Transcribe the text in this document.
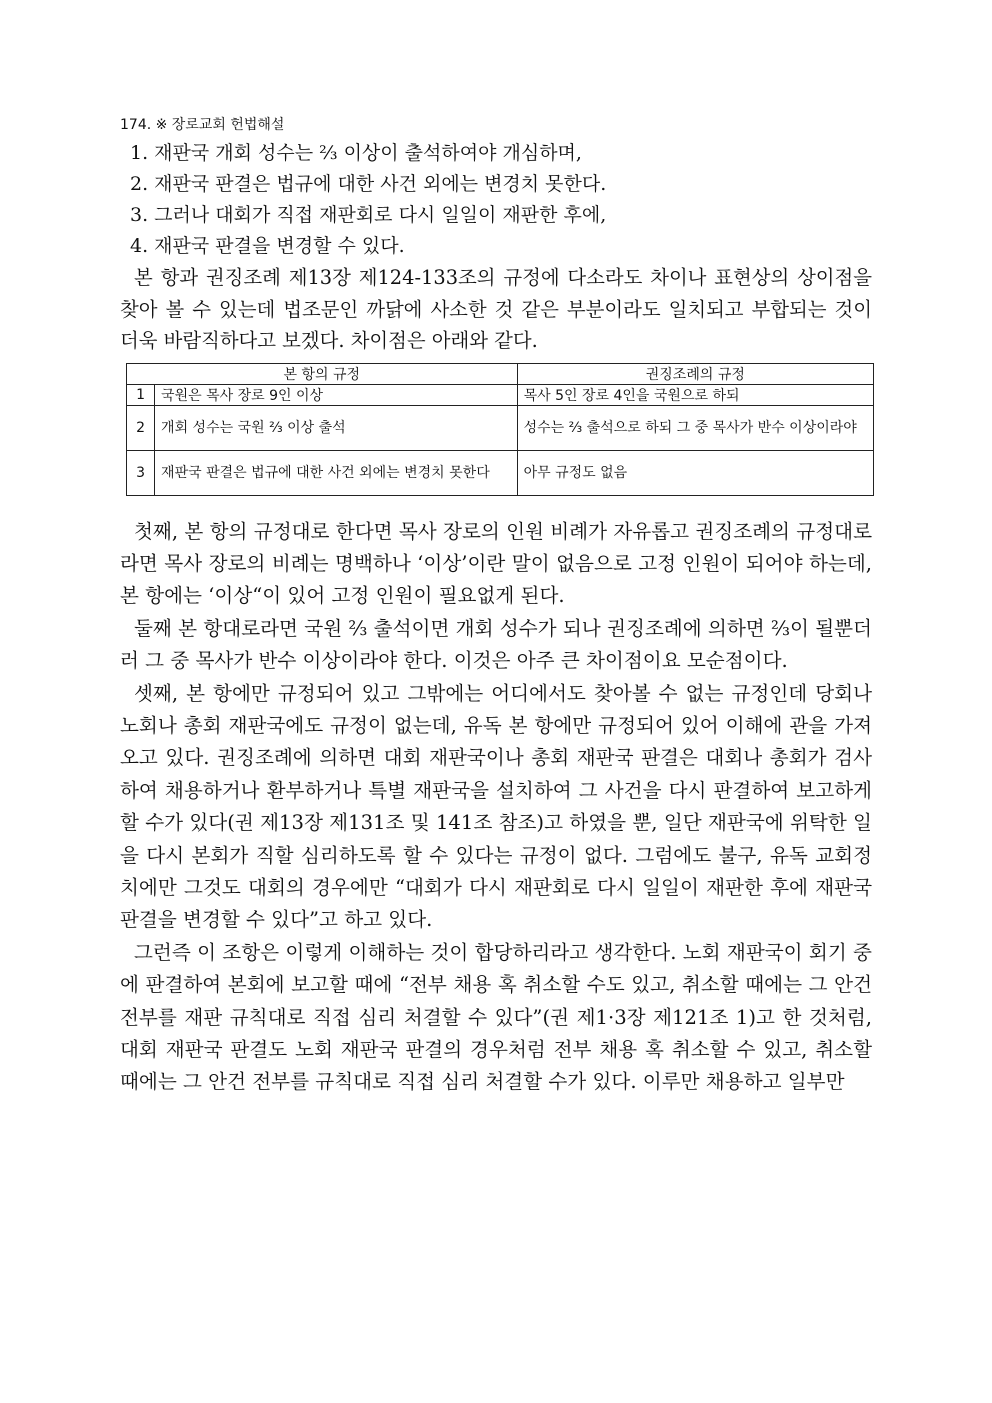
174. ※ 장로교회 헌법해설
1. 재판국 개회 성수는 ⅔ 이상이 출석하여야 개심하며,
2. 재판국 판결은 법규에 대한 사건 외에는 변경치 못한다.
3. 그러나 대회가 직접 재판회로 다시 일일이 재판한 후에,
4. 재판국 판결을 변경할 수 있다.
본 항과 권징조례 제13장 제124-133조의 규정에 다소라도 차이나 표현상의 상이점을 찾아 볼 수 있는데 법조문인 까닭에 사소한 것 같은 부분이라도 일치되고 부합되는 것이 더욱 바람직하다고 보겠다. 차이점은 아래와 같다.
본 항의 규정		권징조례의 규정
1	국원은 목사 장로 9인 이상	목사 5인 장로 4인을 국원으로 하되
2	개회 성수는 국원 ⅔ 이상 출석	성수는 ⅔ 출석으로 하되 그 중 목사가 반수 이상이라야
3	재판국 판결은 법규에 대한 사건 외에는 변경치 못한다	아무 규정도 없음
첫째, 본 항의 규정대로 한다면 목사 장로의 인원 비례가 자유롭고 권징조례의 규정대로라면 목사 장로의 비례는 명백하나 ‘이상’이란 말이 없음으로 고정 인원이 되어야 하는데, 본 항에는 ‘이상“이 있어 고정 인원이 필요없게 된다.
둘째 본 항대로라면 국원 ⅔ 출석이면 개회 성수가 되나 권징조례에 의하면 ⅔이 될뿐더러 그 중 목사가 반수 이상이라야 한다. 이것은 아주 큰 차이점이요 모순점이다.
셋째, 본 항에만 규정되어 있고 그밖에는 어디에서도 찾아볼 수 없는 규정인데 당회나 노회나 총회 재판국에도 규정이 없는데, 유독 본 항에만 규정되어 있어 이해에 관을 가져오고 있다. 권징조례에 의하면 대회 재판국이나 총회 재판국 판결은 대회나 총회가 검사하여 채용하거나 환부하거나 특별 재판국을 설치하여 그 사건을 다시 판결하여 보고하게 할 수가 있다(권 제13장 제131조 및 141조 참조)고 하였을 뿐, 일단 재판국에 위탁한 일을 다시 본회가 직할 심리하도록 할 수 있다는 규정이 없다. 그럼에도 불구, 유독 교회정치에만 그것도 대회의 경우에만 “대회가 다시 재판회로 다시 일일이 재판한 후에 재판국 판결을 변경할 수 있다”고 하고 있다.
그런즉 이 조항은 이렇게 이해하는 것이 합당하리라고 생각한다. 노회 재판국이 회기 중에 판결하여 본회에 보고할 때에 “전부 채용 혹 취소할 수도 있고, 취소할 때에는 그 안건 전부를 재판 규칙대로 직접 심리 처결할 수 있다”(권 제1·3장 제121조 1)고 한 것처럼, 대회 재판국 판결도 노회 재판국 판결의 경우처럼 전부 채용 혹 취소할 수 있고, 취소할 때에는 그 안건 전부를 규칙대로 직접 심리 처결할 수가 있다. 이루만 채용하고 일부만
